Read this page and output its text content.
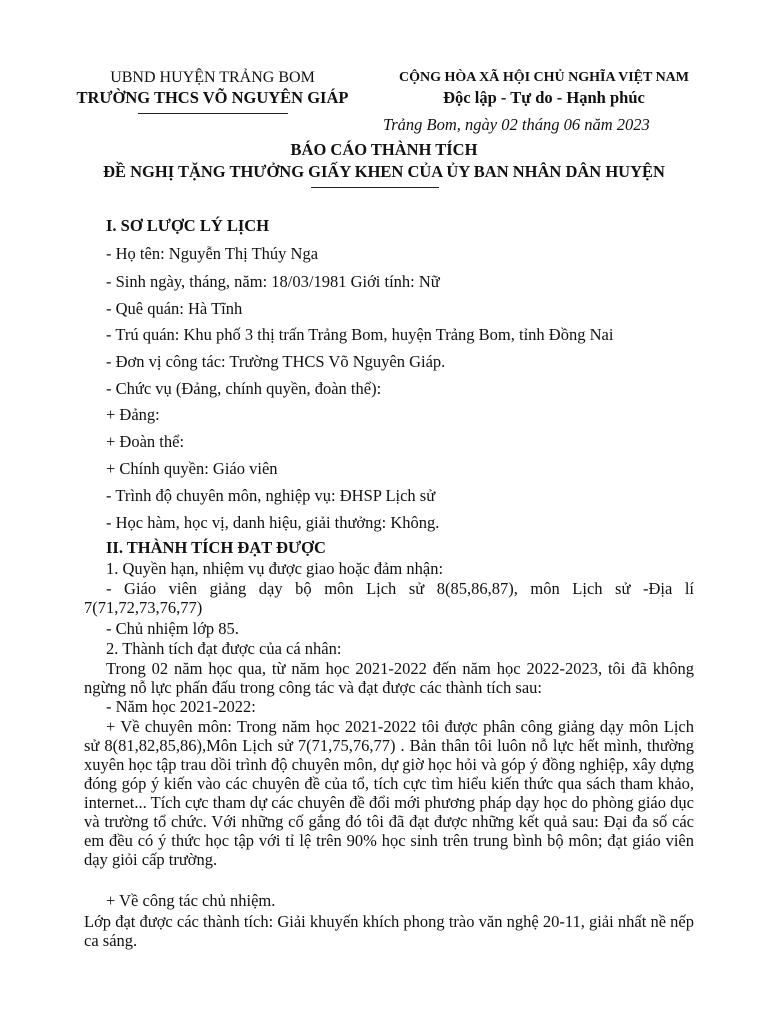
UBND HUYỆN TRẢNG BOM
TRƯỜNG THCS VÕ NGUYÊN GIÁP
CỘNG HÒA XÃ HỘI CHỦ NGHĨA VIỆT NAM
Độc lập - Tự do - Hạnh phúc
Trảng Bom, ngày 02 tháng 06 năm 2023
BÁO CÁO THÀNH TÍCH
ĐỀ NGHỊ TẶNG THƯỞNG GIẤY KHEN CỦA ỦY BAN NHÂN DÂN HUYỆN
I. SƠ LƯỢC LÝ LỊCH
- Họ tên: Nguyễn Thị Thúy Nga
- Sinh ngày, tháng, năm: 18/03/1981 Giới tính: Nữ
- Quê quán: Hà Tĩnh
- Trú quán: Khu phố 3 thị trấn Trảng Bom, huyện Trảng Bom, tỉnh Đồng Nai
- Đơn vị công tác: Trường THCS Võ Nguyên Giáp.
- Chức vụ (Đảng, chính quyền, đoàn thể):
+ Đảng:
+ Đoàn thể:
+ Chính quyền: Giáo viên
- Trình độ chuyên môn, nghiệp vụ: ĐHSP Lịch sử
- Học hàm, học vị, danh hiệu, giải thưởng: Không.
II. THÀNH TÍCH ĐẠT ĐƯỢC
1. Quyền hạn, nhiệm vụ được giao hoặc đảm nhận:
- Giáo viên giảng dạy bộ môn Lịch sử 8(85,86,87), môn Lịch sử -Địa lí 7(71,72,73,76,77)
- Chủ nhiệm lớp 85.
2. Thành tích đạt được của cá nhân:
Trong 02 năm học qua, từ năm học 2021-2022 đến năm học 2022-2023, tôi đã không ngừng nỗ lực phấn đấu trong công tác và đạt được các thành tích sau:
- Năm học 2021-2022:
+ Về chuyên môn: Trong năm học 2021-2022 tôi được phân công giảng dạy môn Lịch sử 8(81,82,85,86),Môn Lịch sử 7(71,75,76,77) . Bản thân tôi luôn nỗ lực hết mình, thường xuyên học tập trau dồi trình độ chuyên môn, dự giờ học hỏi và góp ý đồng nghiệp, xây dựng đóng góp ý kiến vào các chuyên đề của tổ, tích cực tìm hiểu kiến thức qua sách tham khảo, internet... Tích cực tham dự các chuyên đề đổi mới phương pháp dạy học do phòng giáo dục và trường tổ chức. Với những cố gắng đó tôi đã đạt được những kết quả sau: Đại đa số các em đều có ý thức học tập với tỉ lệ trên 90% học sinh trên trung bình bộ môn; đạt giáo viên dạy giỏi cấp trường.
+ Về công tác chủ nhiệm.
Lớp đạt được các thành tích: Giải khuyến khích phong trào văn nghệ 20-11, giải nhất nề nếp ca sáng.
